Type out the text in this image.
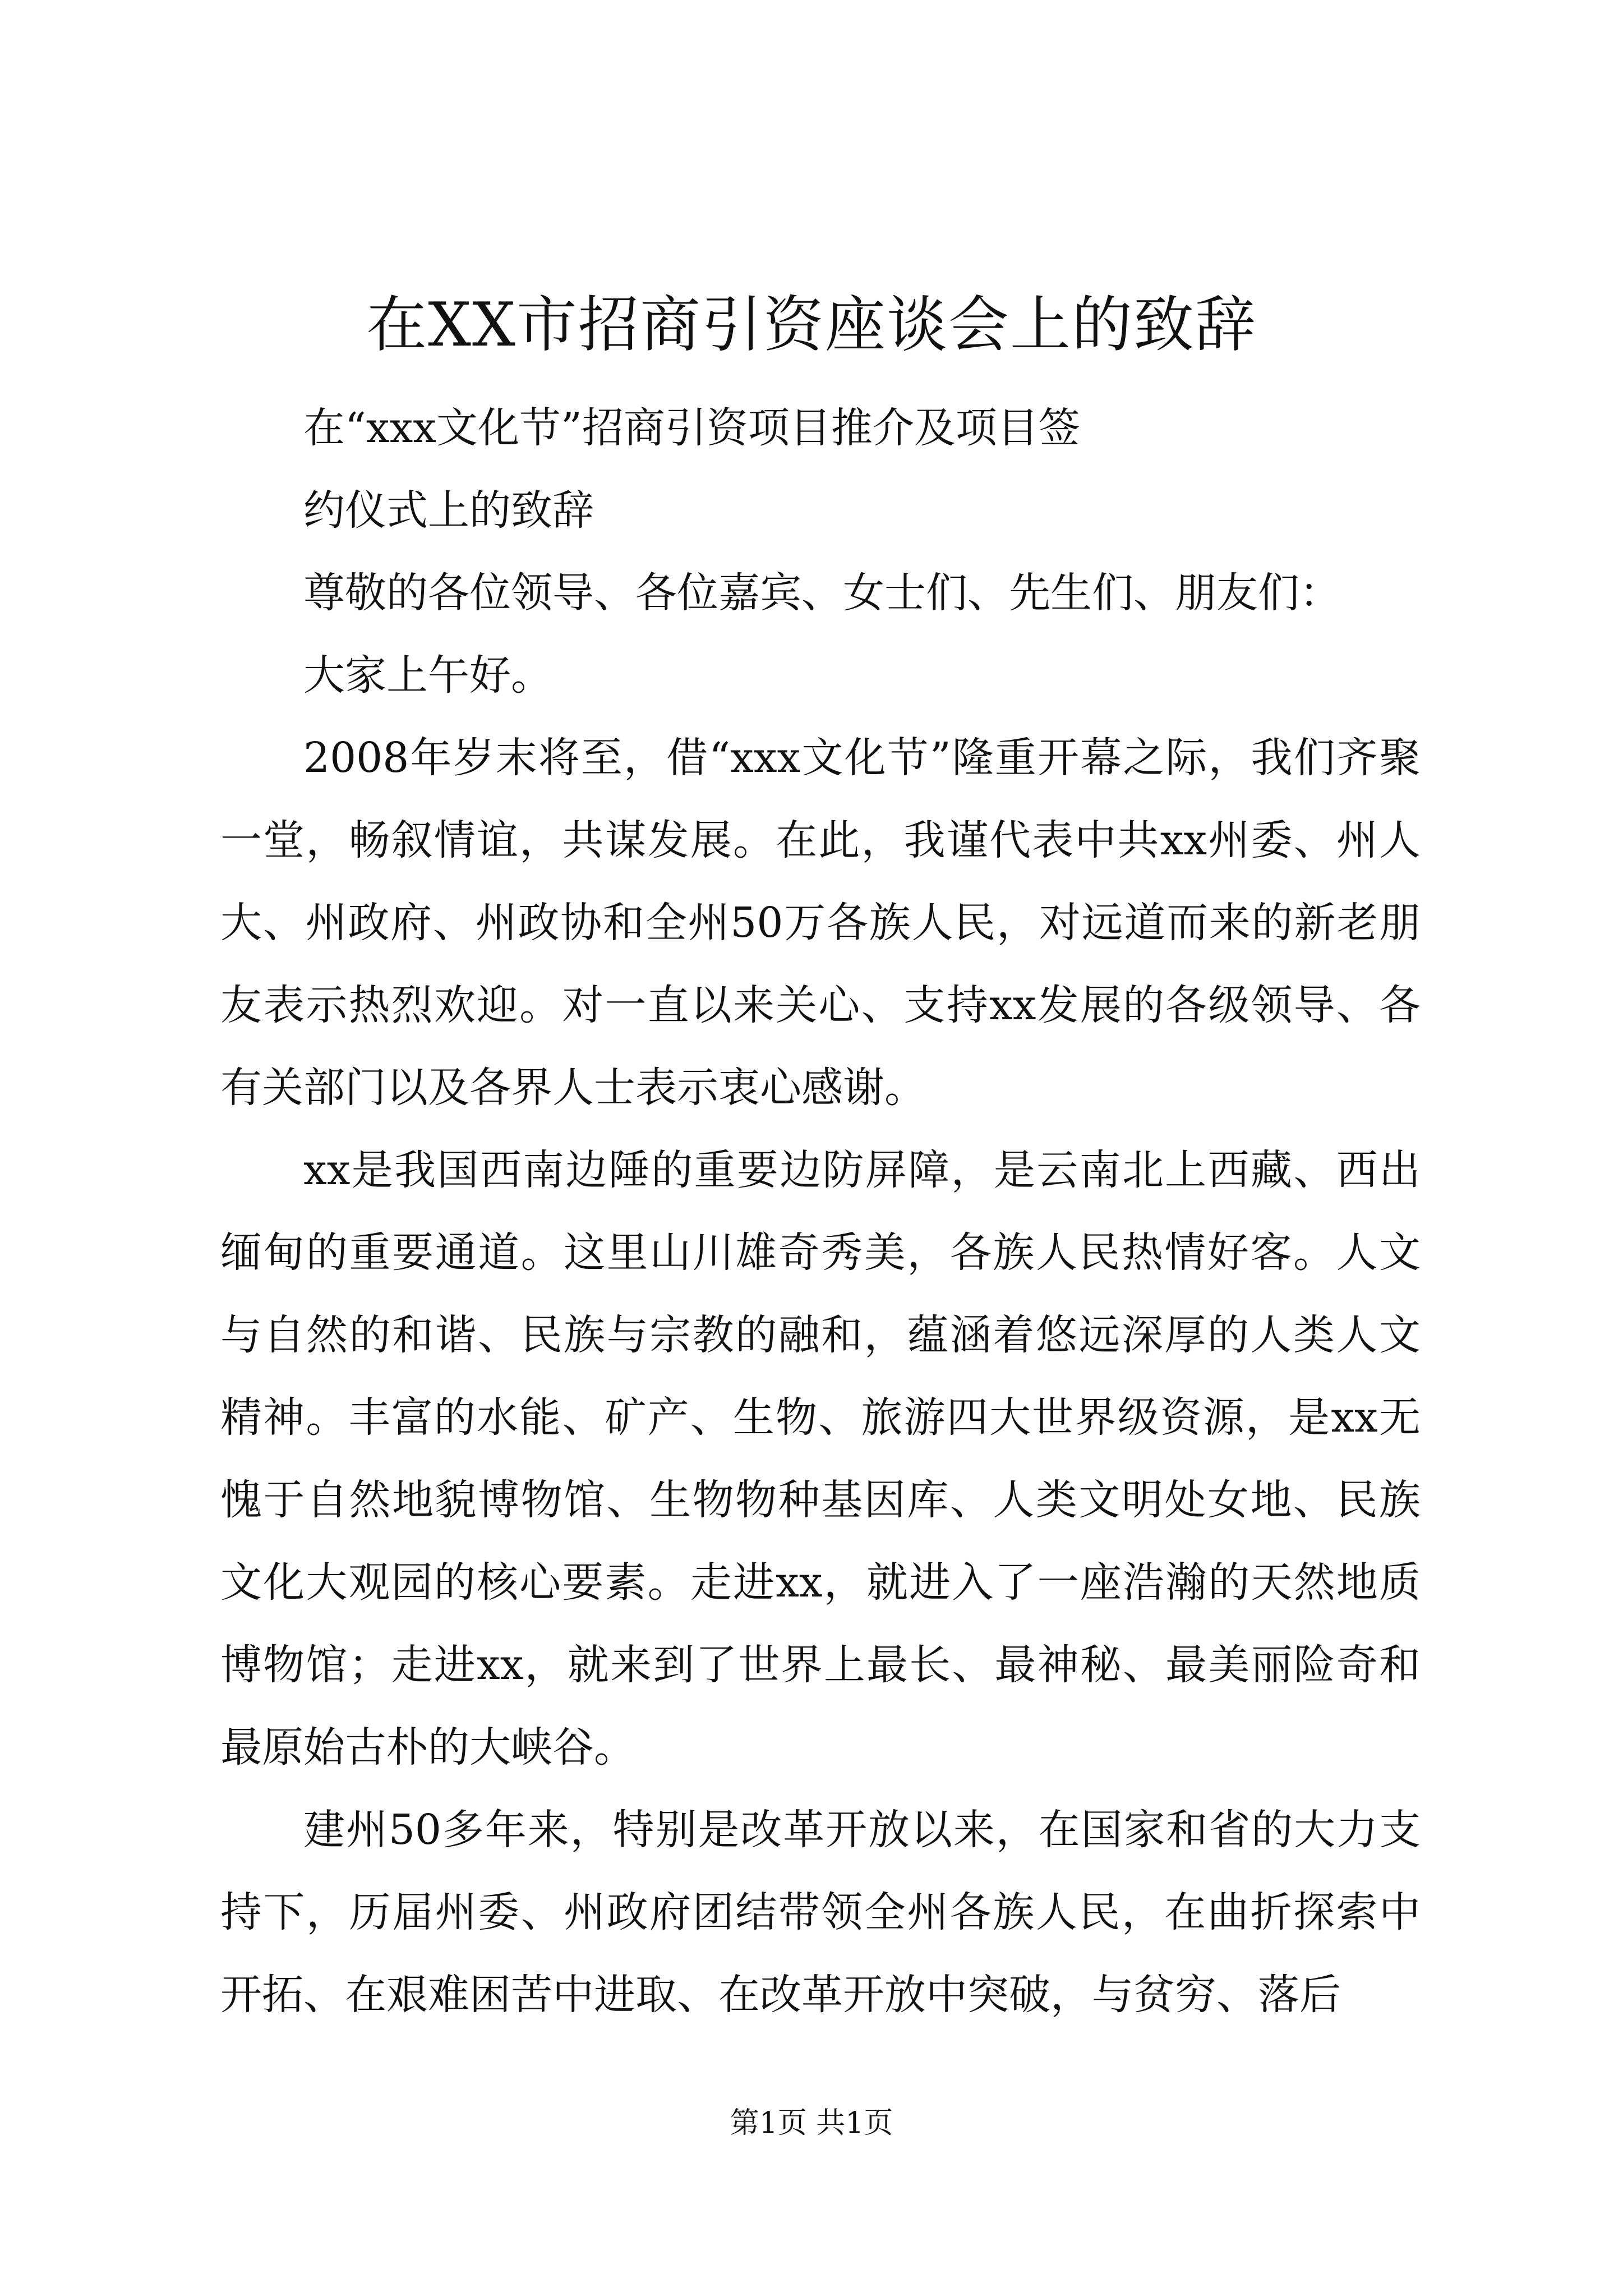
在XX市招商引资座谈会上的致辞

在“xxx文化节”招商引资项目推介及项目签

约仪式上的致辞

尊敬的各位领导、各位嘉宾、女士们、先生们、朋友们：

大家上午好。

2008年岁末将至，借“xxx文化节”隆重开幕之际，我们齐聚一堂，畅叙情谊，共谋发展。在此，我谨代表中共xx州委、州人大、州政府、州政协和全州50万各族人民，对远道而来的新老朋友表示热烈欢迎。对一直以来关心、支持xx发展的各级领导、各有关部门以及各界人士表示衷心感谢。

xx是我国西南边陲的重要边防屏障，是云南北上西藏、西出缅甸的重要通道。这里山川雄奇秀美，各族人民热情好客。人文与自然的和谐、民族与宗教的融和，蕴涵着悠远深厚的人类人文精神。丰富的水能、矿产、生物、旅游四大世界级资源，是xx无愧于自然地貌博物馆、生物物种基因库、人类文明处女地、民族文化大观园的核心要素。走进xx，就进入了一座浩瀚的天然地质博物馆；走进xx，就来到了世界上最长、最神秘、最美丽险奇和最原始古朴的大峡谷。

建州50多年来，特别是改革开放以来，在国家和省的大力支持下，历届州委、州政府团结带领全州各族人民，在曲折探索中开拓、在艰难困苦中进取、在改革开放中突破，与贫穷、落后

第1页 共1页
